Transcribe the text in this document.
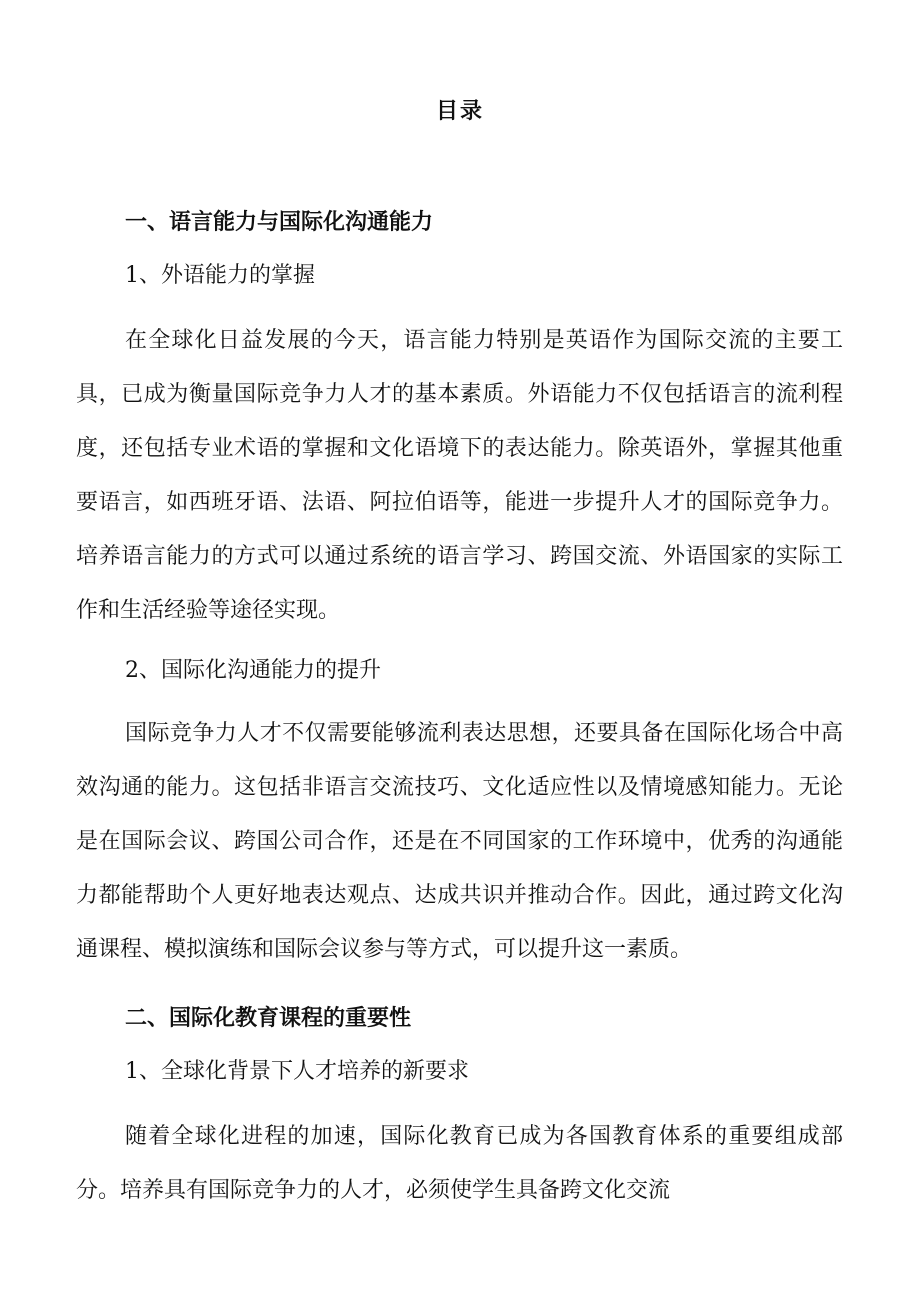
目录
一、语言能力与国际化沟通能力
1、外语能力的掌握

在全球化日益发展的今天，语言能力特别是英语作为国际交流的主要工具，已成为衡量国际竞争力人才的基本素质。外语能力不仅包括语言的流利程度，还包括专业术语的掌握和文化语境下的表达能力。除英语外，掌握其他重要语言，如西班牙语、法语、阿拉伯语等，能进一步提升人才的国际竞争力。培养语言能力的方式可以通过系统的语言学习、跨国交流、外语国家的实际工作和生活经验等途径实现。

2、国际化沟通能力的提升

国际竞争力人才不仅需要能够流利表达思想，还要具备在国际化场合中高效沟通的能力。这包括非语言交流技巧、文化适应性以及情境感知能力。无论是在国际会议、跨国公司合作，还是在不同国家的工作环境中，优秀的沟通能力都能帮助个人更好地表达观点、达成共识并推动合作。因此，通过跨文化沟通课程、模拟演练和国际会议参与等方式，可以提升这一素质。

二、国际化教育课程的重要性
1、全球化背景下人才培养的新要求

随着全球化进程的加速，国际化教育已成为各国教育体系的重要组成部分。培养具有国际竞争力的人才，必须使学生具备跨文化交流
